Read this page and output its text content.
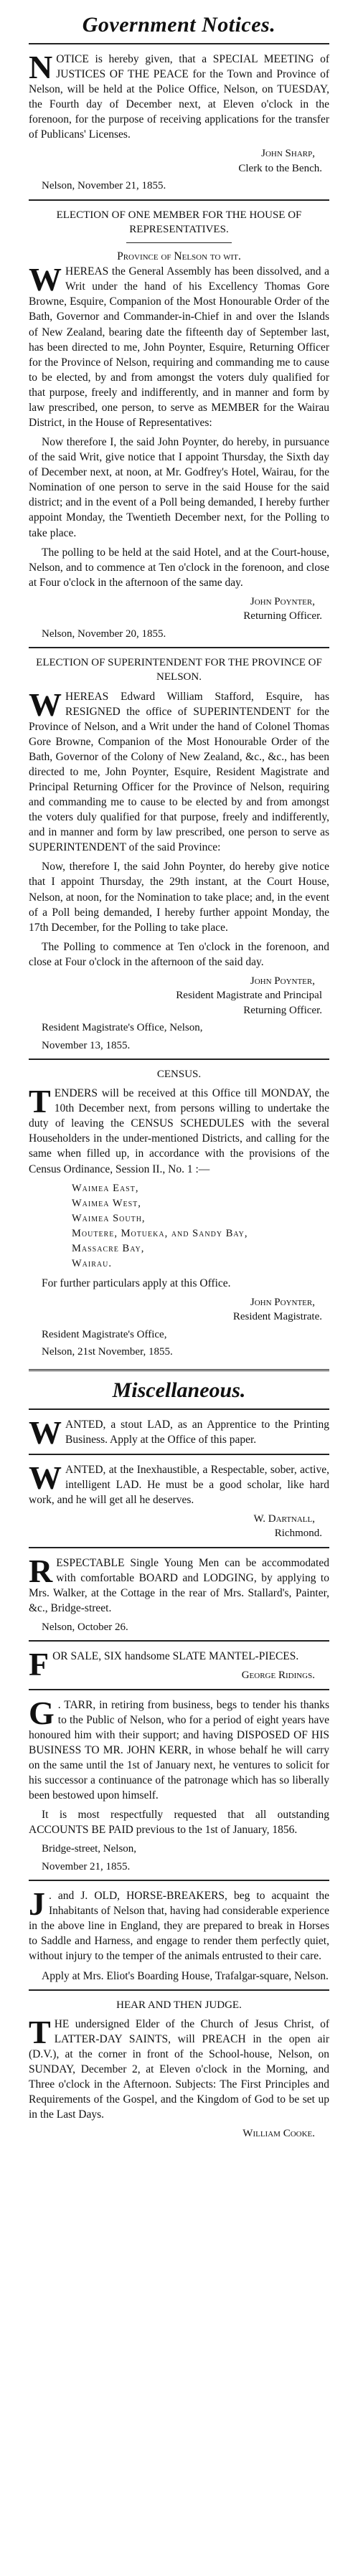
Government Notices.

NOTICE is hereby given, that a SPECIAL MEETING of JUSTICES OF THE PEACE for the Town and Province of Nelson, will be held at the Police Office, Nelson, on TUESDAY, the Fourth day of December next, at Eleven o'clock in the forenoon, for the purpose of receiving applications for the transfer of Publicans' Licenses.

John Sharp,
Clerk to the Bench.
Nelson, November 21, 1855.
ELECTION OF ONE MEMBER FOR THE HOUSE OF REPRESENTATIVES.
Province of Nelson to wit.

WHEREAS the General Assembly has been dissolved, and a Writ under the hand of his Excellency Thomas Gore Browne, Esquire, Companion of the Most Honourable Order of the Bath, Governor and Commander-in-Chief in and over the Islands of New Zealand, bearing date the fifteenth day of September last, has been directed to me, John Poynter, Esquire, Returning Officer for the Province of Nelson, requiring and commanding me to cause to be elected, by and from amongst the voters duly qualified for that purpose, freely and indifferently, and in manner and form by law prescribed, one person, to serve as MEMBER for the Wairau District, in the House of Representatives:

Now therefore I, the said John Poynter, do hereby, in pursuance of the said Writ, give notice that I appoint Thursday, the Sixth day of December next, at noon, at Mr. Godfrey's Hotel, Wairau, for the Nomination of one person to serve in the said House for the said district; and in the event of a Poll being demanded, I hereby further appoint Monday, the Twentieth December next, for the Polling to take place.

The polling to be held at the said Hotel, and at the Court-house, Nelson, and to commence at Ten o'clock in the forenoon, and close at Four o'clock in the afternoon of the same day.

John Poynter,
Returning Officer.
Nelson, November 20, 1855.
ELECTION OF SUPERINTENDENT FOR THE PROVINCE OF NELSON.

WHEREAS Edward William Stafford, Esquire, has RESIGNED the office of SUPERINTENDENT for the Province of Nelson, and a Writ under the hand of Colonel Thomas Gore Browne, Companion of the Most Honourable Order of the Bath, Governor of the Colony of New Zealand, &c., &c., has been directed to me, John Poynter, Esquire, Resident Magistrate and Principal Returning Officer for the Province of Nelson, requiring and commanding me to cause to be elected by and from amongst the voters duly qualified for that purpose, freely and indifferently, and in manner and form by law prescribed, one person to serve as SUPERINTENDENT of the said Province:

Now, therefore I, the said John Poynter, do hereby give notice that I appoint Thursday, the 29th instant, at the Court House, Nelson, at noon, for the Nomination to take place; and, in the event of a Poll being demanded, I hereby further appoint Monday, the 17th December, for the Polling to take place.

The Polling to commence at Ten o'clock in the forenoon, and close at Four o'clock in the afternoon of the said day.

John Poynter,
Resident Magistrate and Principal
Returning Officer.
Resident Magistrate's Office, Nelson,
November 13, 1855.
CENSUS.

TENDERS will be received at this Office till MONDAY, the 10th December next, from persons willing to undertake the duty of leaving the CENSUS SCHEDULES with the several Householders in the under-mentioned Districts, and calling for the same when filled up, in accordance with the provisions of the Census Ordinance, Session II., No. 1 :—

Waimea East,
Waimea West,
Waimea South,
Moutere, Motueka, and Sandy Bay,
Massacre Bay,
Wairau.

For further particulars apply at this Office.

John Poynter,
Resident Magistrate.
Resident Magistrate's Office,
Nelson, 21st November, 1855.
Miscellaneous.

WANTED, a stout LAD, as an Apprentice to the Printing Business. Apply at the Office of this paper.

WANTED, at the Inexhaustible, a Respectable, sober, active, intelligent LAD. He must be a good scholar, like hard work, and he will get all he deserves.

W. Dartnall,
Richmond.

RESPECTABLE Single Young Men can be accommodated with comfortable BOARD and LODGING, by applying to Mrs. Walker, at the Cottage in the rear of Mrs. Stallard's, Painter, &c., Bridge-street.

Nelson, October 26.

FOR SALE, SIX handsome SLATE MANTEL-PIECES.

George Ridings.

G . TARR, in retiring from business, begs to tender his thanks to the Public of Nelson, who for a period of eight years have honoured him with their support; and having DISPOSED OF HIS BUSINESS TO MR. JOHN KERR, in whose behalf he will carry on the same until the 1st of January next, he ventures to solicit for his successor a continuance of the patronage which has so liberally been bestowed upon himself.

It is most respectfully requested that all outstanding ACCOUNTS BE PAID previous to the 1st of January, 1856.

Bridge-street, Nelson,
November 21, 1855.

J . and J. OLD, HORSE-BREAKERS, beg to acquaint the Inhabitants of Nelson that, having had considerable experience in the above line in England, they are prepared to break in Horses to Saddle and Harness, and engage to render them perfectly quiet, without injury to the temper of the animals entrusted to their care.

Apply at Mrs. Eliot's Boarding House, Trafalgar-square, Nelson.

HEAR AND THEN JUDGE.

THE undersigned Elder of the Church of Jesus Christ, of LATTER-DAY SAINTS, will PREACH in the open air (D.V.), at the corner in front of the School-house, Nelson, on SUNDAY, December 2, at Eleven o'clock in the Morning, and Three o'clock in the Afternoon. Subjects: The First Principles and Requirements of the Gospel, and the Kingdom of God to be set up in the Last Days.

William Cooke.
